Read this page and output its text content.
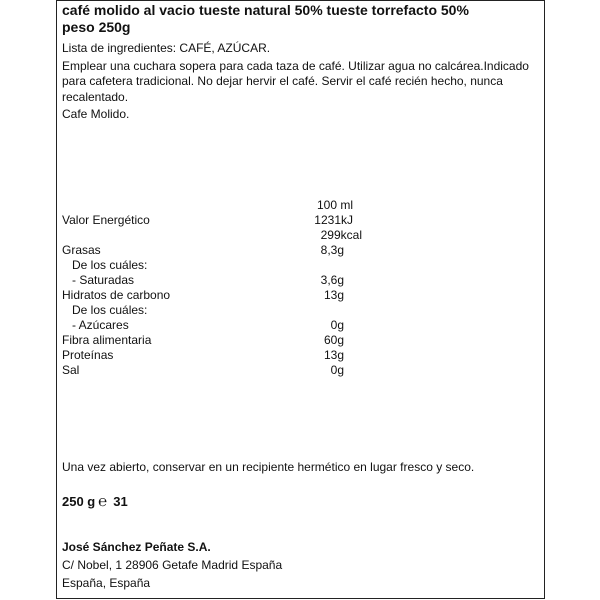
café molido al vacio tueste natural 50% tueste torrefacto 50%
peso 250g
Lista de ingredientes: CAFÉ, AZÚCAR.
Emplear una cuchara sopera para cada taza de café. Utilizar agua no calcárea.Indicado para cafetera tradicional. No dejar hervir el café. Servir el café recién hecho, nunca recalentado.
Cafe Molido.
100 ml
Valor Energético	1231kJ
299kcal
Grasas	8,3g
De los cuáles:
- Saturadas	3,6g
Hidratos de carbono	13g
De los cuáles:
- Azúcares	0g
Fibra alimentaria	60g
Proteínas	13g
Sal	0g
Una vez abierto, conservar en un recipiente hermético en lugar fresco y seco.
250 g ℮ 31
José Sánchez Peñate S.A.
C/ Nobel, 1 28906 Getafe Madrid España
España, España
